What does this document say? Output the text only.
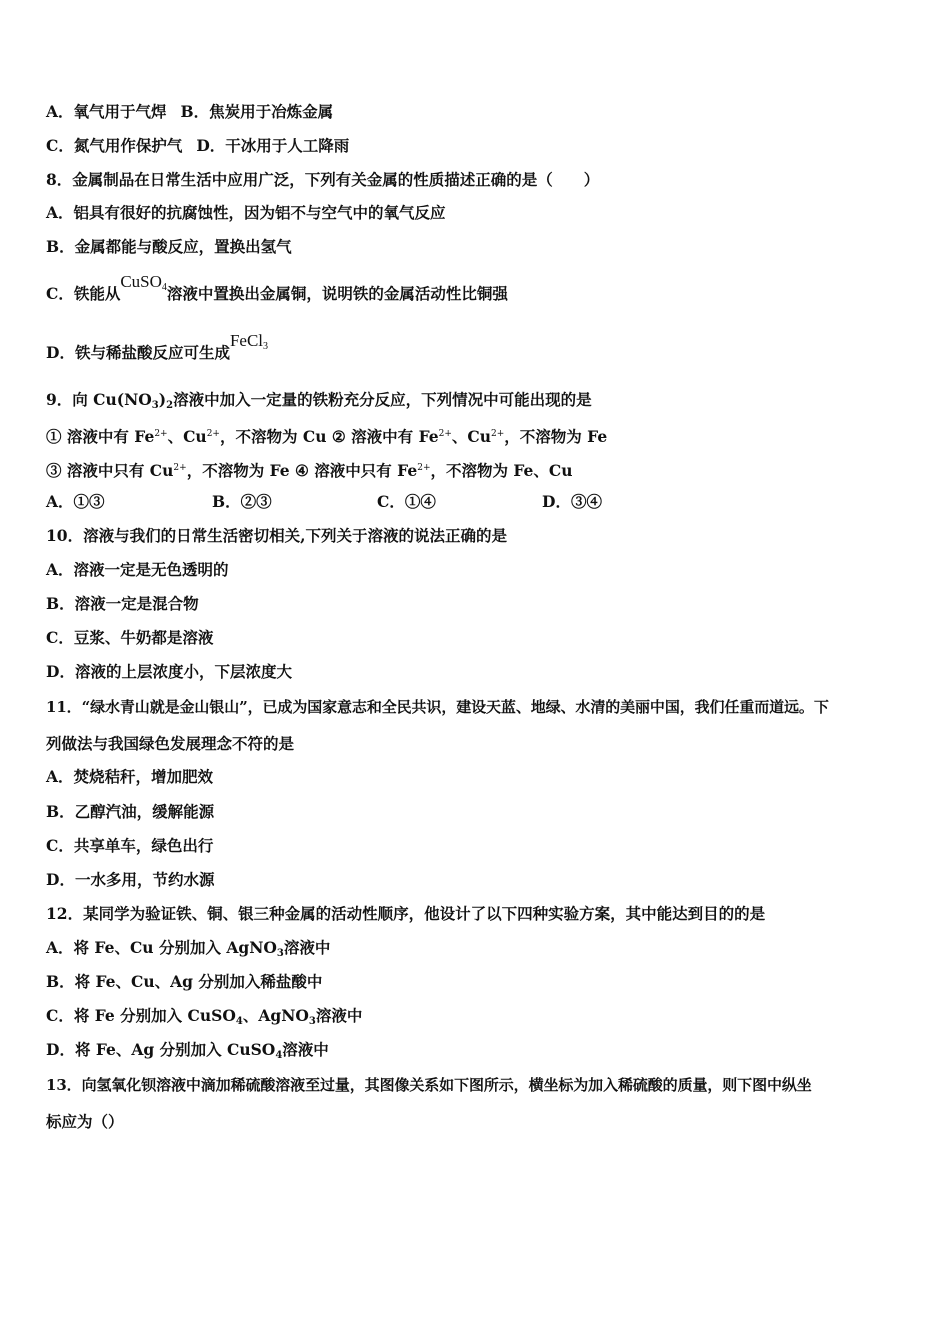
A．氧气用于气焊 B．焦炭用于冶炼金属
C．氮气用作保护气 D．干冰用于人工降雨
8．金属制品在日常生活中应用广泛，下列有关金属的性质描述正确的是（　　）
A．铝具有很好的抗腐蚀性，因为铝不与空气中的氧气反应
B．金属都能与酸反应，置换出氢气
C．铁能从CuSO$_4$溶液中置换出金属铜，说明铁的金属活动性比铜强
D．铁与稀盐酸反应可生成FeCl$_3$
9．向 $Cu(NO_3)_2$溶液中加入一定量的铁粉充分反应，下列情况中可能出现的是
① 溶液中有 $Fe^{2+}$、$Cu^{2+}$，不溶物为 Cu ② 溶液中有 $Fe^{2+}$、$Cu^{2+}$，不溶物为 Fe
③ 溶液中只有 $Cu^{2+}$，不溶物为 Fe ④ 溶液中只有 $Fe^{2+}$，不溶物为 Fe、Cu
A．①③	B．②③	C．①④	D．③④
10．溶液与我们的日常生活密切相关,下列关于溶液的说法正确的是
A．溶液一定是无色透明的
B．溶液一定是混合物
C．豆浆、牛奶都是溶液
D．溶液的上层浓度小，下层浓度大
11．“绿水青山就是金山银山”，已成为国家意志和全民共识，建设天蓝、地绿、水清的美丽中国，我们任重而道远。下
列做法与我国绿色发展理念不符的是
A．焚烧秸秆，增加肥效
B．乙醇汽油，缓解能源
C．共享单车，绿色出行
D．一水多用，节约水源
12．某同学为验证铁、铜、银三种金属的活动性顺序，他设计了以下四种实验方案，其中能达到目的的是
A．将 Fe、Cu 分别加入 AgNO$_3$溶液中
B．将 Fe、Cu、Ag 分别加入稀盐酸中
C．将 Fe 分别加入 CuSO$_4$、AgNO$_3$溶液中
D．将 Fe、Ag 分别加入 CuSO$_4$溶液中
13．向氢氧化钡溶液中滴加稀硫酸溶液至过量，其图像关系如下图所示，横坐标为加入稀硫酸的质量，则下图中纵坐
标应为（）
